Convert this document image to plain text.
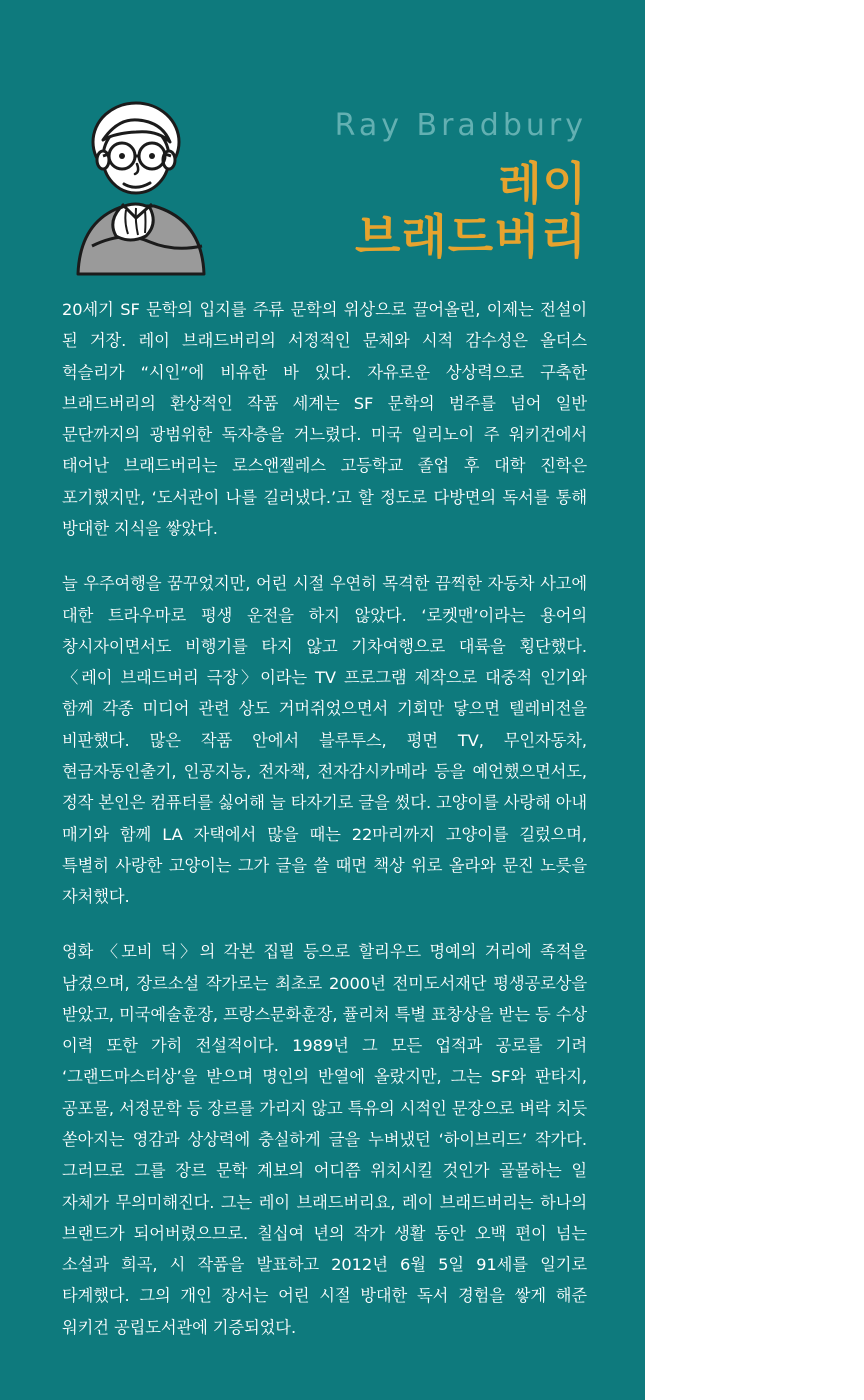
Ray Bradbury
레이
브래드버리

20세기 SF 문학의 입지를 주류 문학의 위상으로 끌어올린, 이제는 전설이 된 거장. 레이 브래드버리의 서정적인 문체와 시적 감수성은 올더스 헉슬리가 “시인”에 비유한 바 있다. 자유로운 상상력으로 구축한 브래드버리의 환상적인 작품 세계는 SF 문학의 범주를 넘어 일반 문단까지의 광범위한 독자층을 거느렸다. 미국 일리노이 주 워키건에서 태어난 브래드버리는 로스앤젤레스 고등학교 졸업 후 대학 진학은 포기했지만, ‘도서관이 나를 길러냈다.’고 할 정도로 다방면의 독서를 통해 방대한 지식을 쌓았다.

늘 우주여행을 꿈꾸었지만, 어린 시절 우연히 목격한 끔찍한 자동차 사고에 대한 트라우마로 평생 운전을 하지 않았다. ‘로켓맨’이라는 용어의 창시자이면서도 비행기를 타지 않고 기차여행으로 대륙을 횡단했다. 〈레이 브래드버리 극장〉이라는 TV 프로그램 제작으로 대중적 인기와 함께 각종 미디어 관련 상도 거머쥐었으면서 기회만 닿으면 텔레비전을 비판했다. 많은 작품 안에서 블루투스, 평면 TV, 무인자동차, 현금자동인출기, 인공지능, 전자책, 전자감시카메라 등을 예언했으면서도, 정작 본인은 컴퓨터를 싫어해 늘 타자기로 글을 썼다. 고양이를 사랑해 아내 매기와 함께 LA 자택에서 많을 때는 22마리까지 고양이를 길렀으며, 특별히 사랑한 고양이는 그가 글을 쓸 때면 책상 위로 올라와 문진 노릇을 자처했다.

영화 〈모비 딕〉의 각본 집필 등으로 할리우드 명예의 거리에 족적을 남겼으며, 장르소설 작가로는 최초로 2000년 전미도서재단 평생공로상을 받았고, 미국예술훈장, 프랑스문화훈장, 퓰리처 특별 표창상을 받는 등 수상 이력 또한 가히 전설적이다. 1989년 그 모든 업적과 공로를 기려 ‘그랜드마스터상’을 받으며 명인의 반열에 올랐지만, 그는 SF와 판타지, 공포물, 서정문학 등 장르를 가리지 않고 특유의 시적인 문장으로 벼락 치듯 쏟아지는 영감과 상상력에 충실하게 글을 누벼냈던 ‘하이브리드’ 작가다. 그러므로 그를 장르 문학 계보의 어디쯤 위치시킬 것인가 골몰하는 일 자체가 무의미해진다. 그는 레이 브래드버리요, 레이 브래드버리는 하나의 브랜드가 되어버렸으므로. 칠십여 년의 작가 생활 동안 오백 편이 넘는 소설과 희곡, 시 작품을 발표하고 2012년 6월 5일 91세를 일기로 타계했다. 그의 개인 장서는 어린 시절 방대한 독서 경험을 쌓게 해준 워키건 공립도서관에 기증되었다.
